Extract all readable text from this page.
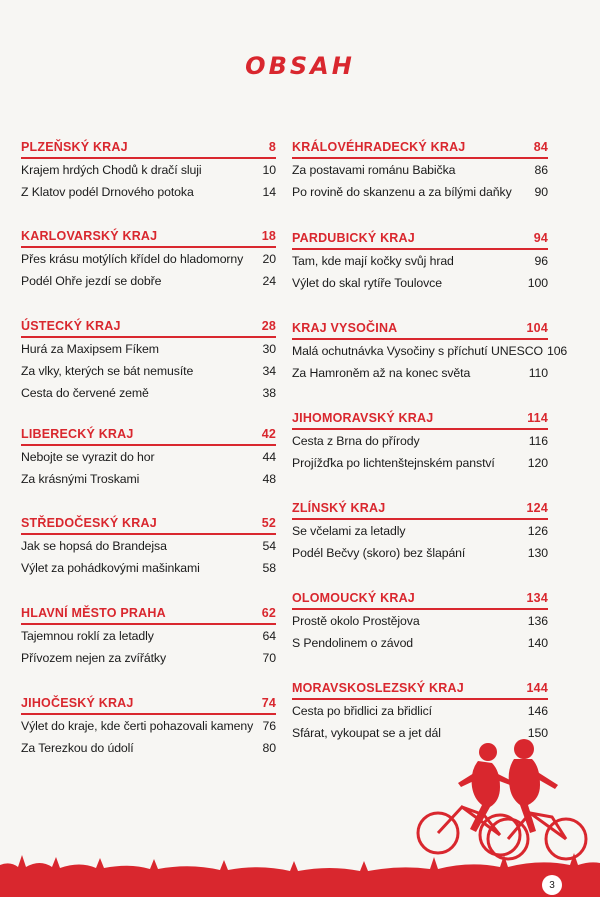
OBSAH
PLZEŇSKÝ KRAJ	8
Krajem hrdých Chodů k dračí sluji	10
Z Klatov podél Drnového potoka	14
KARLOVARSKÝ KRAJ	18
Přes krásu motýlích křídel do hladomorny	20
Podél Ohře jezdí se dobře	24
ÚSTECKÝ KRAJ	28
Hurá za Maxipsem Fíkem	30
Za vlky, kterých se bát nemusíte	34
Cesta do červené země	38
LIBERECKÝ KRAJ	42
Nebojte se vyrazit do hor	44
Za krásnými Troskami	48
STŘEDOČESKÝ KRAJ	52
Jak se hopsá do Brandejsa	54
Výlet za pohádkovými mašinkami	58
HLAVNÍ MĚSTO PRAHA	62
Tajemnou roklí za letadly	64
Přívozem nejen za zvířátky	70
JIHOČESKÝ KRAJ	74
Výlet do kraje, kde čerti pohazovali kameny 76
Za Terezkou do údolí	80
KRÁLOVÉHRADECKÝ KRAJ	84
Za postavami románu Babička	86
Po rovině do skanzenu a za bílými daňky	90
PARDUBICKÝ KRAJ	94
Tam, kde mají kočky svůj hrad	96
Výlet do skal rytíře Toulovce	100
KRAJ VYSOČINA	104
Malá ochutnávka Vysočiny s příchutí UNESCO 106
Za Hamroněm až na konec světa	110
JIHOMORAVSKÝ KRAJ	114
Cesta z Brna do přírody	116
Projížďka po lichtenštejnském panství	120
ZLÍNSKÝ KRAJ	124
Se včelami za letadly	126
Podél Bečvy (skoro) bez šlapání	130
OLOMOUCKÝ KRAJ	134
Prostě okolo Prostějova	136
S Pendolinem o závod	140
MORAVSKOSLEZSKÝ KRAJ	144
Cesta po břidlici za břidlicí	146
Sfárat, vykoupat se a jet dál	150
3
